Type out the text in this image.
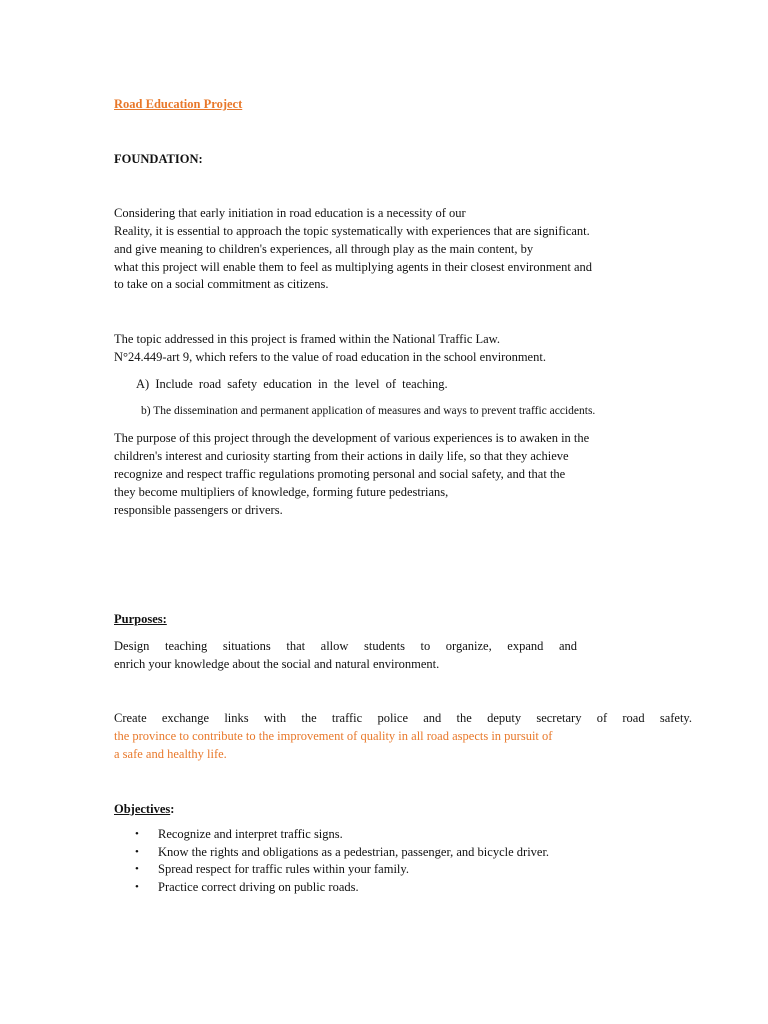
Road Education Project

FOUNDATION:

Considering that early initiation in road education is a necessity of our

Reality, it is essential to approach the topic systematically with experiences that are significant.

and give meaning to children's experiences, all through play as the main content, by

what this project will enable them to feel as multiplying agents in their closest environment and

to take on a social commitment as citizens.

The topic addressed in this project is framed within the National Traffic Law.

N°24.449-art 9, which refers to the value of road education in the school environment.

A) Include road safety education in the level of teaching.

b) The dissemination and permanent application of measures and ways to prevent traffic accidents.

The purpose of this project through the development of various experiences is to awaken in the

children's interest and curiosity starting from their actions in daily life, so that they achieve

recognize and respect traffic regulations promoting personal and social safety, and that the

they become multipliers of knowledge, forming future pedestrians,

responsible passengers or drivers.

Purposes:

Design teaching situations that allow students to organize, expand and

enrich your knowledge about the social and natural environment.

Create exchange links with the traffic police and the deputy secretary of road safety.

the province to contribute to the improvement of quality in all road aspects in pursuit of

a safe and healthy life.

Objectives:

• Recognize and interpret traffic signs.
• Know the rights and obligations as a pedestrian, passenger, and bicycle driver.
• Spread respect for traffic rules within your family.
• Practice correct driving on public roads.
